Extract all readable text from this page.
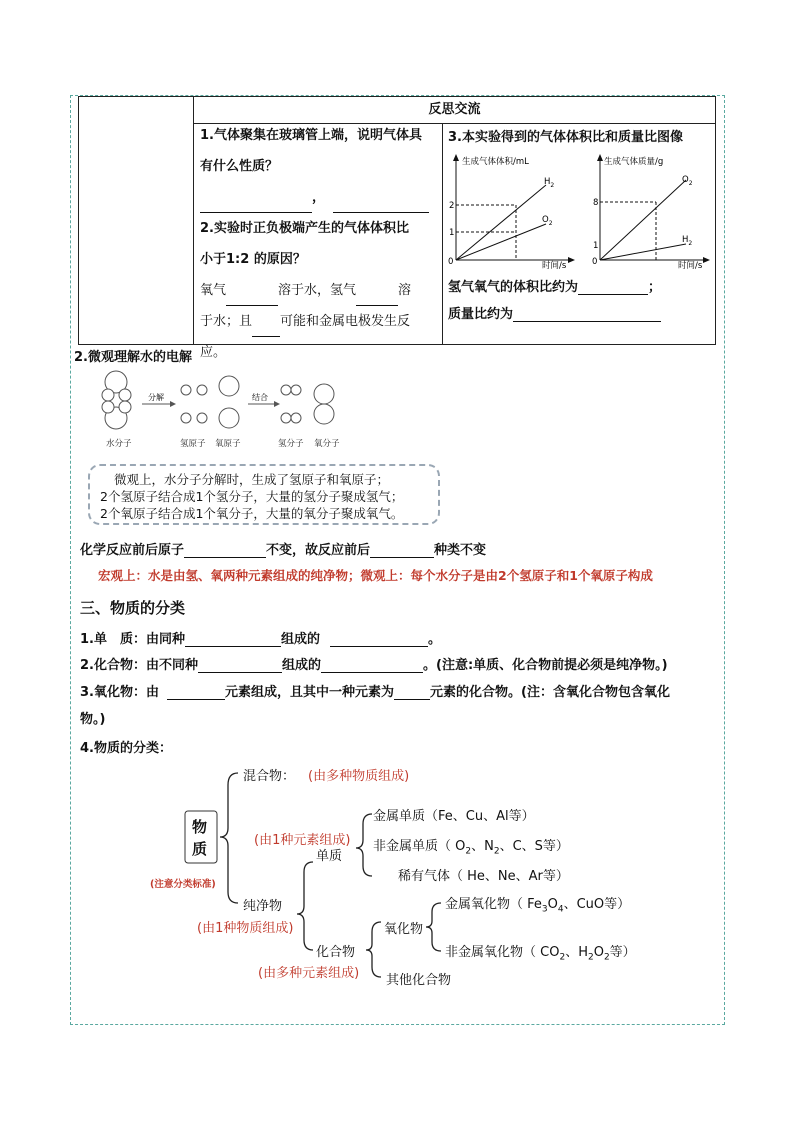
	反思交流	

1.气体聚集在玻璃管上端，说明气体具
有什么性质？
，
2.实验时正负极端产生的气体体积比
小于1:2 的原因？
氧气	溶于水，氢气	溶
于水；且 可能和金属电极发生反
应。
3.本实验得到的气体体积比和质量比图像
生成气体体积/mL
时间/s
0
2
1
$H_2$
$O_2$
生成气体质量/g
时间/s
0
8
1
$O_2$
$H_2$
氢气氧气的体积比约为	；
质量比约为
2.微观理解水的电解
分解	结合
水分子	氢原子 氧原子	氢分子 氧分子
微观上，水分子分解时，生成了氢原子和氧原子；
2个氢原子结合成1个氢分子，大量的氢分子聚成氢气；
2个氧原子结合成1个氧分子，大量的氧分子聚成氧气。
化学反应前后原子	不变，故反应前后	种类不变
宏观上：水是由氢、氧两种元素组成的纯净物；微观上：每个水分子是由2个氢原子和1个氧原子构成
三、物质的分类
1.单　质：由同种	组成的	。
2.化合物：由不同种	组成的	。(注意:单质、化合物前提必须是纯净物。)
3.氧化物：由	元素组成，且其中一种元素为	元素的化合物。(注：含氧化合物包含氧化
物。)
4.物质的分类：
物
质
(注意分类标准)
混合物： (由多种物质组成)
(由1种元素组成)
单质
金属单质（Fe、Cu、Al等）
非金属单质（ $O_2$、$N_2$、C、S等）
稀有气体（ He、Ne、Ar等）
纯净物
(由1种物质组成)	氧化物
金属氧化物（ $Fe_3O_4$、CuO等）
非金属氧化物（ $CO_2$、$H_2O_2$等）
化合物
(由多种元素组成) 其他化合物
